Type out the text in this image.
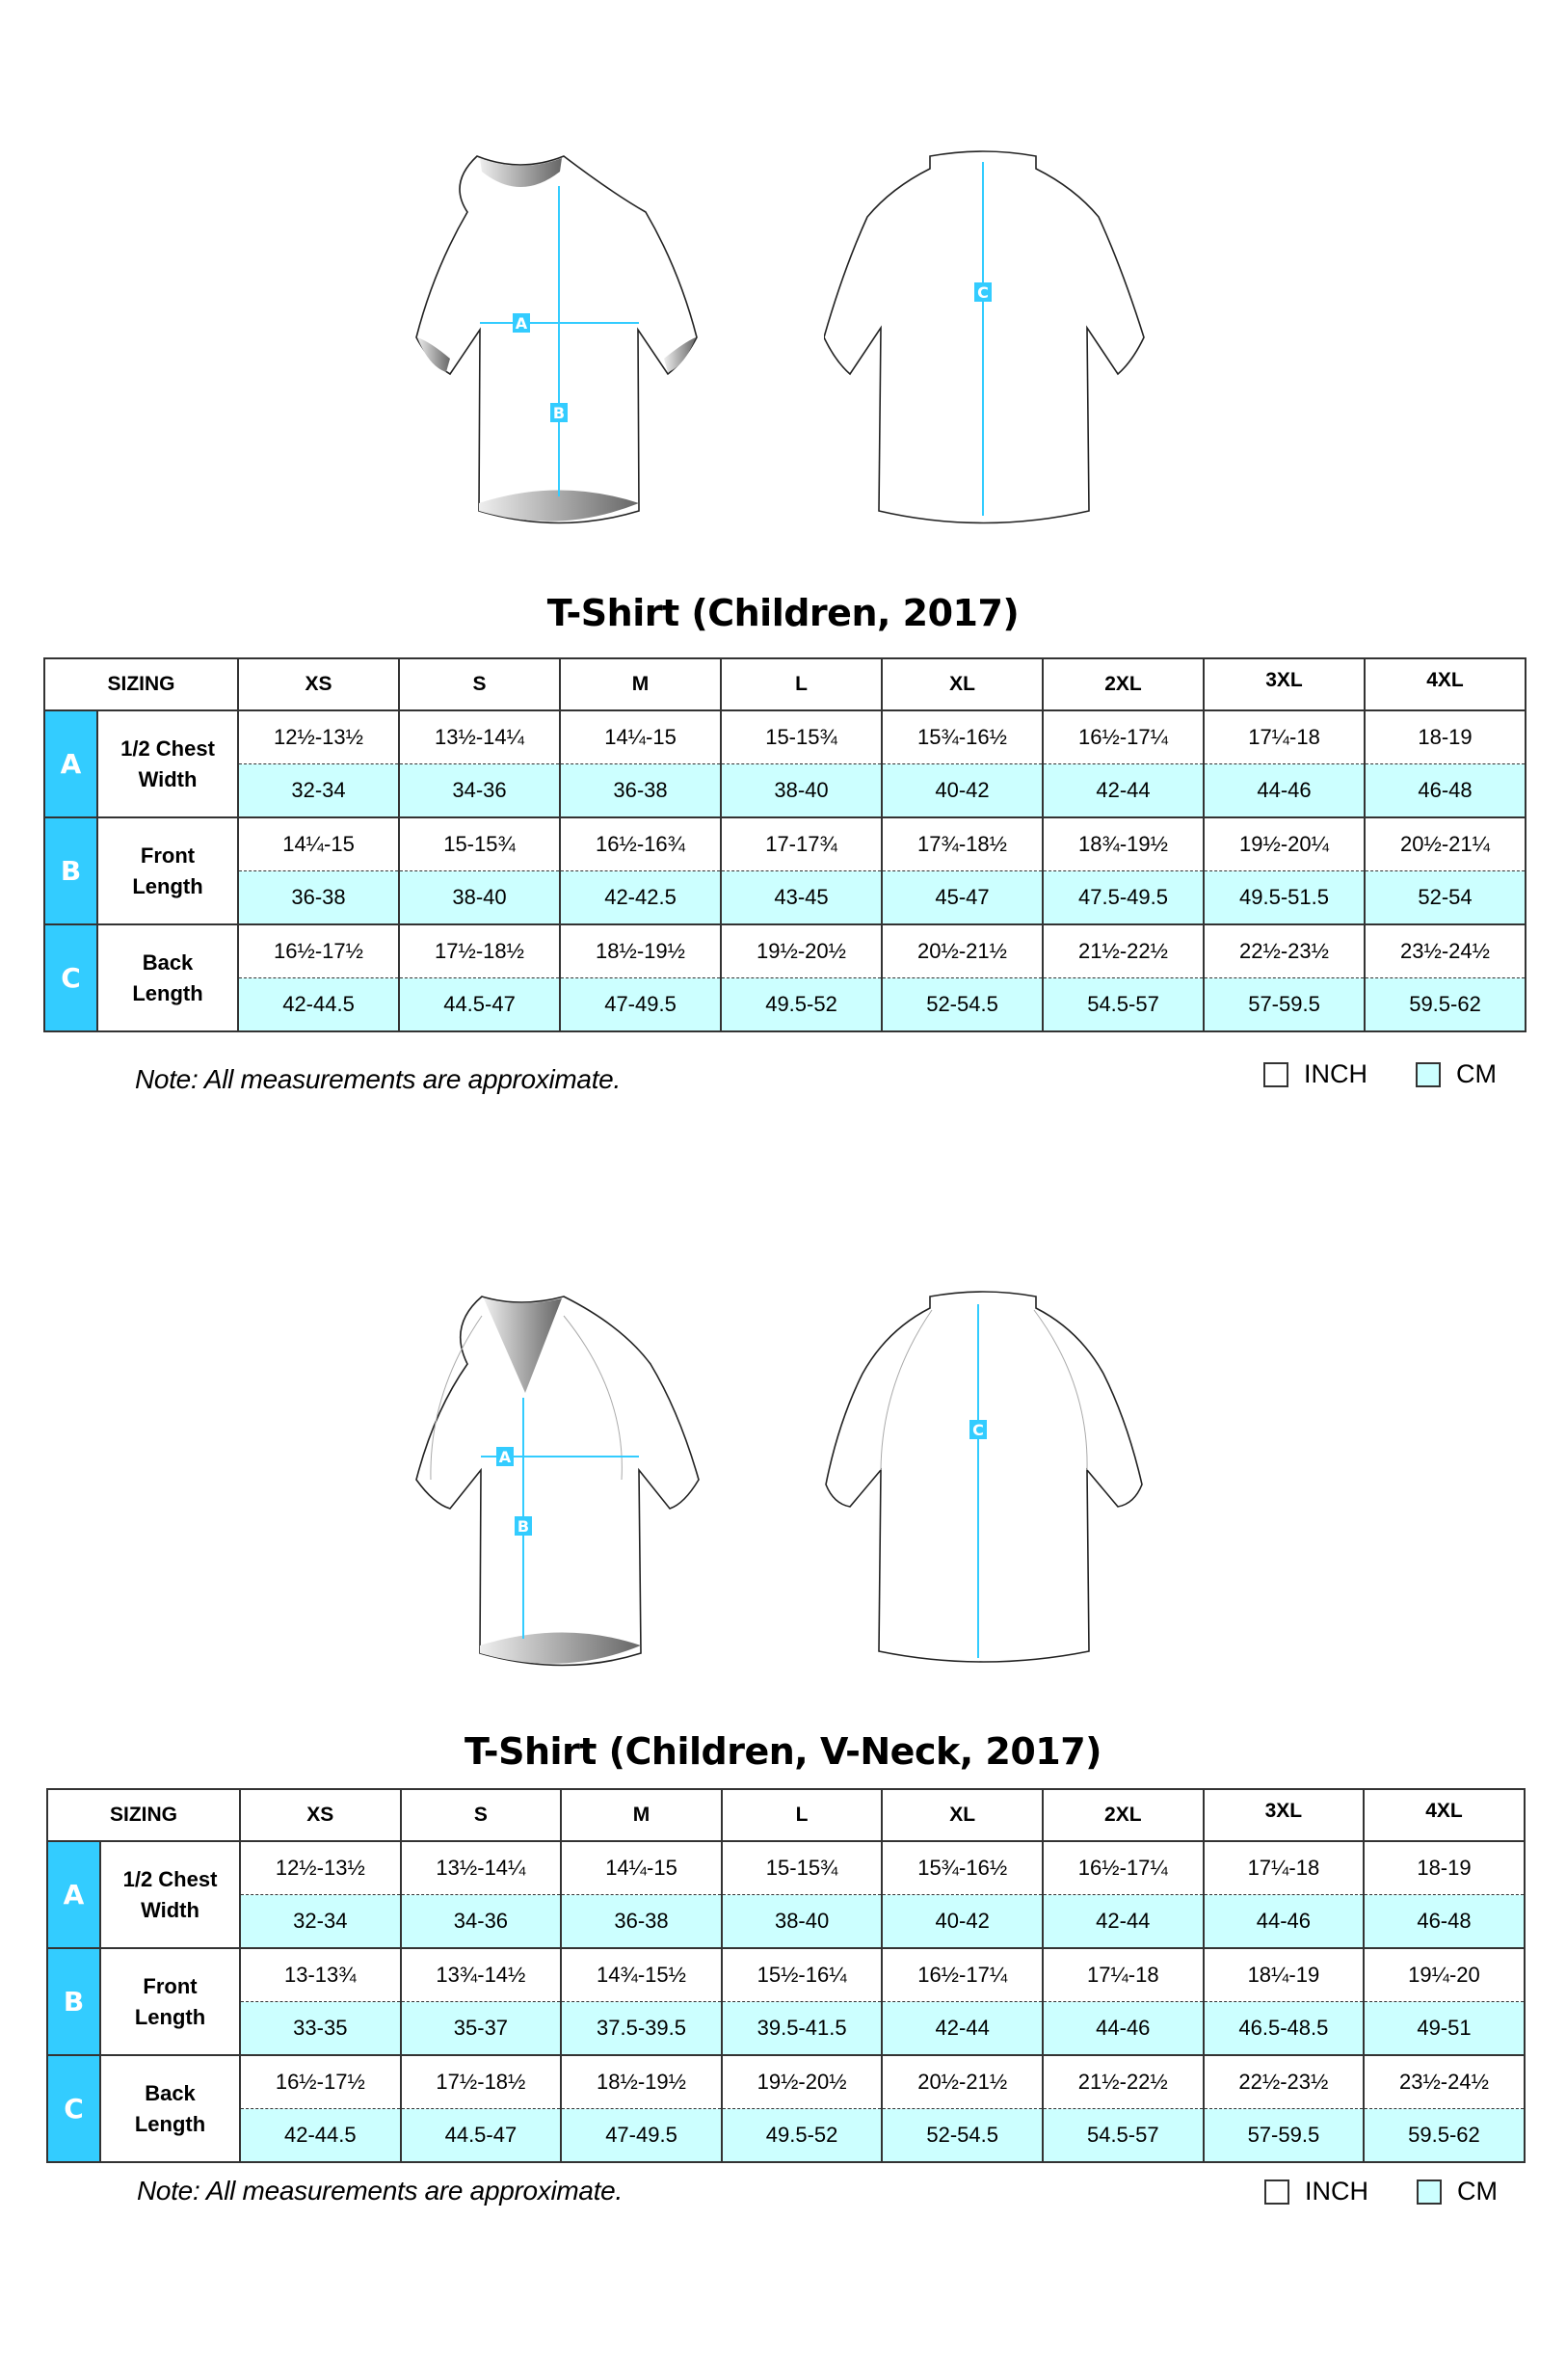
A
B
C
T-Shirt (Children, 2017)
SIZING		XS	S	M	L	XL	2XL	3XL	4XL
A	1/2 Chest
Width	12½-13½	13½-14¼	14¼-15	15-15¾	15¾-16½	16½-17¼	17¼-18	18-19
		32-34	34-36	36-38	38-40	40-42	42-44	44-46	46-48
B	Front
Length	14¼-15	15-15¾	16½-16¾	17-17¾	17¾-18½	18¾-19½	19½-20¼	20½-21¼
		36-38	38-40	42-42.5	43-45	45-47	47.5-49.5	49.5-51.5	52-54
C	Back
Length	16½-17½	17½-18½	18½-19½	19½-20½	20½-21½	21½-22½	22½-23½	23½-24½
		42-44.5	44.5-47	47-49.5	49.5-52	52-54.5	54.5-57	57-59.5	59.5-62
Note: All measurements are approximate.	INCH	CM
A
B
C
T-Shirt (Children, V-Neck, 2017)
SIZING		XS	S	M	L	XL	2XL	3XL	4XL
A	1/2 Chest
Width	12½-13½	13½-14¼	14¼-15	15-15¾	15¾-16½	16½-17¼	17¼-18	18-19
		32-34	34-36	36-38	38-40	40-42	42-44	44-46	46-48
B	Front
Length	13-13¾	13¾-14½	14¾-15½	15½-16¼	16½-17¼	17¼-18	18¼-19	19¼-20
		33-35	35-37	37.5-39.5	39.5-41.5	42-44	44-46	46.5-48.5	49-51
C	Back
Length	16½-17½	17½-18½	18½-19½	19½-20½	20½-21½	21½-22½	22½-23½	23½-24½
		42-44.5	44.5-47	47-49.5	49.5-52	52-54.5	54.5-57	57-59.5	59.5-62
Note: All measurements are approximate.	INCH	CM
